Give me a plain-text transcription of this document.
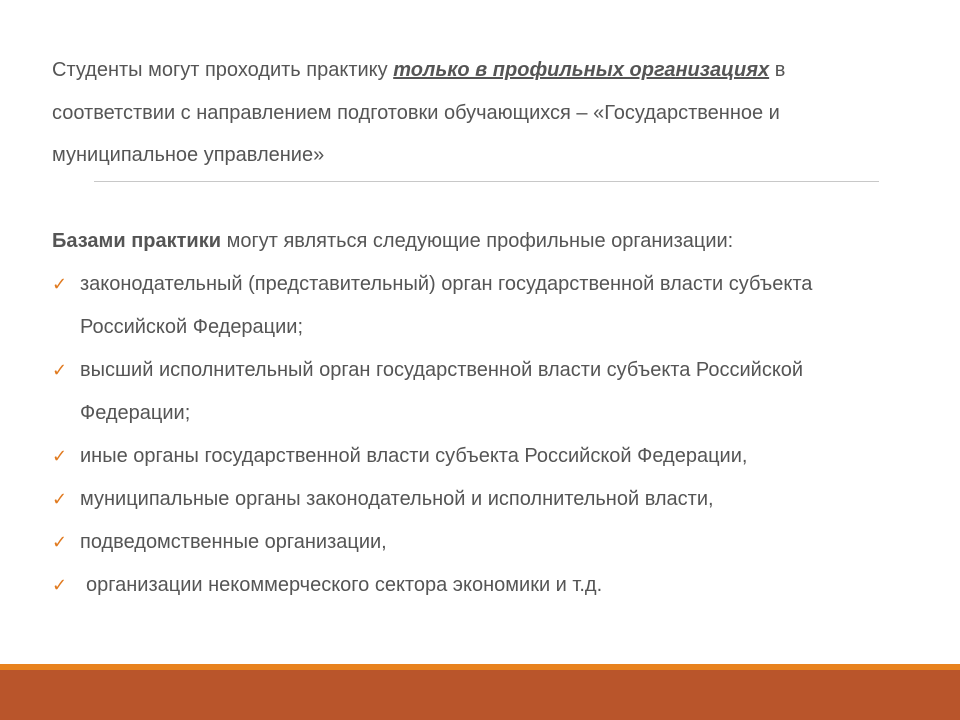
Студенты могут проходить практику только в профильных организациях в соответствии с направлением подготовки обучающихся – «Государственное и муниципальное управление»

Базами практики могут являться следующие профильные организации:

✓ законодательный (представительный) орган государственной власти субъекта Российской Федерации;
✓ высший исполнительный орган государственной власти субъекта Российской Федерации;
✓ иные органы государственной власти субъекта Российской Федерации,
✓ муниципальные органы законодательной и исполнительной власти,
✓ подведомственные организации,
✓ организации некоммерческого сектора экономики и т.д.
